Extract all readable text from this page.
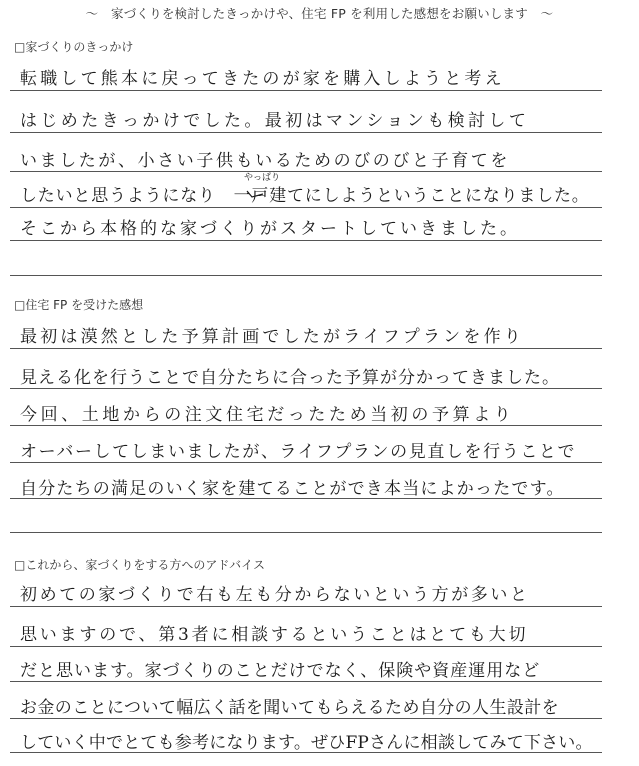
～　家づくりを検討したきっかけや、住宅 FP を利用した感想をお願いします　～
□家づくりのきっかけ
転職して熊本に戻ってきたのが家を購入しようと考え
はじめたきっかけでした。最初はマンションも検討して
いましたが、小さい子供もいるためのびのびと子育てを
やっぱり
したいと思うようになり　一戸建てにしようということになりました。
そこから本格的な家づくりがスタートしていきました。
□住宅 FP を受けた感想
最初は漠然とした予算計画でしたがライフプランを作り
見える化を行うことで自分たちに合った予算が分かってきました。
今回、土地からの注文住宅だったため当初の予算より
オーバーしてしまいましたが、ライフプランの見直しを行うことで
自分たちの満足のいく家を建てることができ本当によかったです。
□これから、家づくりをする方へのアドバイス
初めての家づくりで右も左も分からないという方が多いと
思いますので、第3者に相談するということはとても大切
だと思います。家づくりのことだけでなく、保険や資産運用など
お金のことについて幅広く話を聞いてもらえるため自分の人生設計を
していく中でとても参考になります。ぜひFPさんに相談してみて下さい。
